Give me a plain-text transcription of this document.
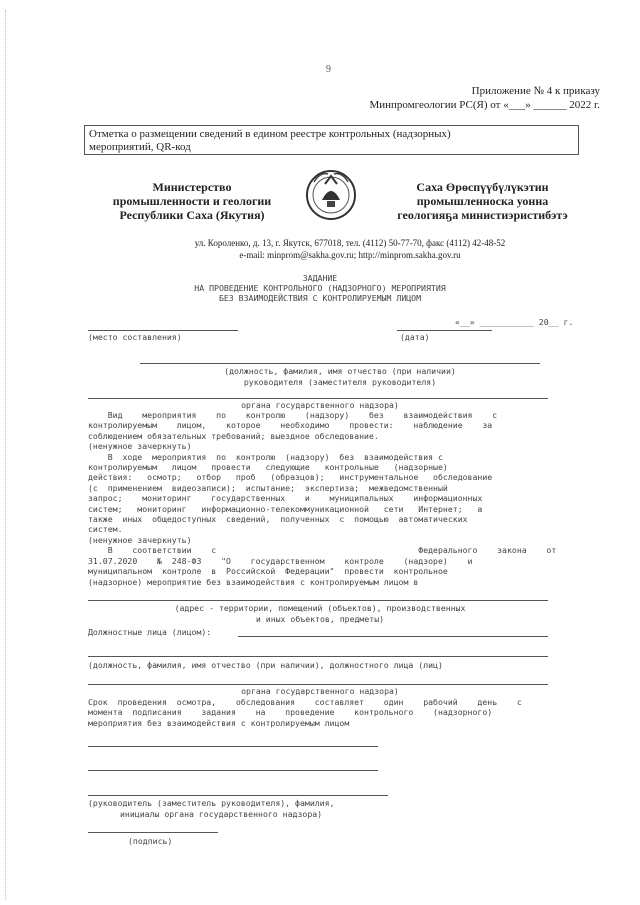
9
Приложение № 4 к приказу
Минпромгеологии РС(Я) от «___» ______ 2022 г.
Отметка о размещении сведений в едином реестре контрольных (надзорных)
мероприятий, QR-код
Министерство
промышленности и геологии
Республики Саха (Якутия)
Саха Өрөспүүбүлүкэтин
промышленноска уонна
геологияҕа министиэристибэтэ
ул. Короленко, д. 13, г. Якутск, 677018, тел. (4112) 50-77-70, факс (4112) 42-48-52
e-mail: minprom@sakha.gov.ru; http://minprom.sakha.gov.ru
ЗАДАНИЕ
НА ПРОВЕДЕНИЕ КОНТРОЛЬНОГО (НАДЗОРНОГО) МЕРОПРИЯТИЯ
БЕЗ ВЗАИМОДЕЙСТВИЯ С КОНТРОЛИРУЕМЫМ ЛИЦОМ
«__» ___________ 20__ г.
(место составления)	(дата)
(должность, фамилия, имя отчество (при наличии)
руководителя (заместителя руководителя)
органа государственного надзора)
Вид    мероприятия    по    контролю    (надзору)    без    взаимодействия    с
контролируемым    лицом,    которое    необходимо    провести:    наблюдение    за
соблюдением обязательных требований; выездное обследование.
(ненужное зачеркнуть)
В  ходе  мероприятия  по  контролю  (надзору)  без  взаимодействия с
контролируемым   лицом   провести   следующие   контрольные   (надзорные)
действия:   осмотр;   отбор   проб   (образцов);   инструментальное   обследование
(с  применением  видеозаписи);  испытание;  экспертиза;  межведомственный
запрос;    мониторинг    государственных    и    муниципальных    информационных
систем;   мониторинг   информационно-телекоммуникационной   сети   Интернет;   а
также  иных  общедоступных  сведений,  полученных  с  помощью  автоматических
систем.
(ненужное зачеркнуть)
В    соответствии    с                                         Федерального    закона    от
31.07.2020    №  248-ФЗ    "О    государственном    контроле    (надзоре)    и
муниципальном  контроле  в  Российской  Федерации"  провести  контрольное
(надзорное) мероприятие без взаимодействия с контролируемым лицом в
(адрес - территории, помещений (объектов), производственных
и иных объектов, предметы)
Должностные лица (лицом):
(должность, фамилия, имя отчество (при наличии), должностного лица (лиц)
органа государственного надзора)
Срок  проведения  осмотра,    обследования    составляет    один    рабочий    день    с
момента  подписания    задания    на    проведение    контрольного    (надзорного)
мероприятия без взаимодействия с контролируемым лицом
(руководитель (заместитель руководителя), фамилия,
инициалы органа государственного надзора)
(подпись)
